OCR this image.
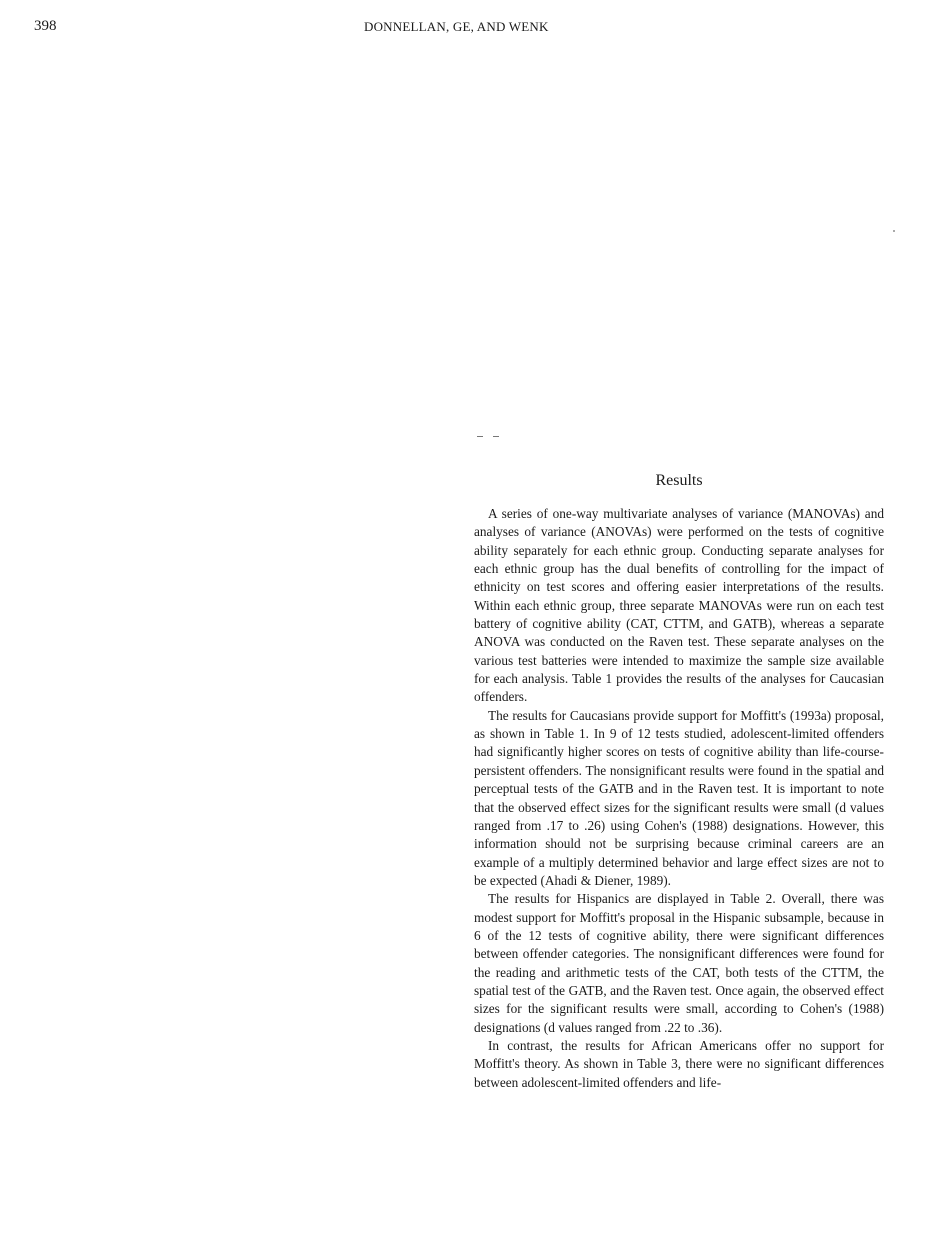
398	DONNELLAN, GE, AND WENK
Results

A series of one-way multivariate analyses of variance (MANOVAs) and analyses of variance (ANOVAs) were performed on the tests of cognitive ability separately for each ethnic group. Conducting separate analyses for each ethnic group has the dual benefits of controlling for the impact of ethnicity on test scores and offering easier interpretations of the results. Within each ethnic group, three separate MANOVAs were run on each test battery of cognitive ability (CAT, CTTM, and GATB), whereas a separate ANOVA was conducted on the Raven test. These separate analyses on the various test batteries were intended to maximize the sample size available for each analysis. Table 1 provides the results of the analyses for Caucasian offenders.

The results for Caucasians provide support for Moffitt's (1993a) proposal, as shown in Table 1. In 9 of 12 tests studied, adolescent-limited offenders had significantly higher scores on tests of cognitive ability than life-course-persistent offenders. The nonsignificant results were found in the spatial and perceptual tests of the GATB and in the Raven test. It is important to note that the observed effect sizes for the significant results were small (d values ranged from .17 to .26) using Cohen's (1988) designations. However, this information should not be surprising because criminal careers are an example of a multiply determined behavior and large effect sizes are not to be expected (Ahadi & Diener, 1989).

The results for Hispanics are displayed in Table 2. Overall, there was modest support for Moffitt's proposal in the Hispanic subsample, because in 6 of the 12 tests of cognitive ability, there were significant differences between offender categories. The nonsignificant differences were found for the reading and arithmetic tests of the CAT, both tests of the CTTM, the spatial test of the GATB, and the Raven test. Once again, the observed effect sizes for the significant results were small, according to Cohen's (1988) designations (d values ranged from .22 to .36).

In contrast, the results for African Americans offer no support for Moffitt's theory. As shown in Table 3, there were no significant differences between adolescent-limited offenders and life-
